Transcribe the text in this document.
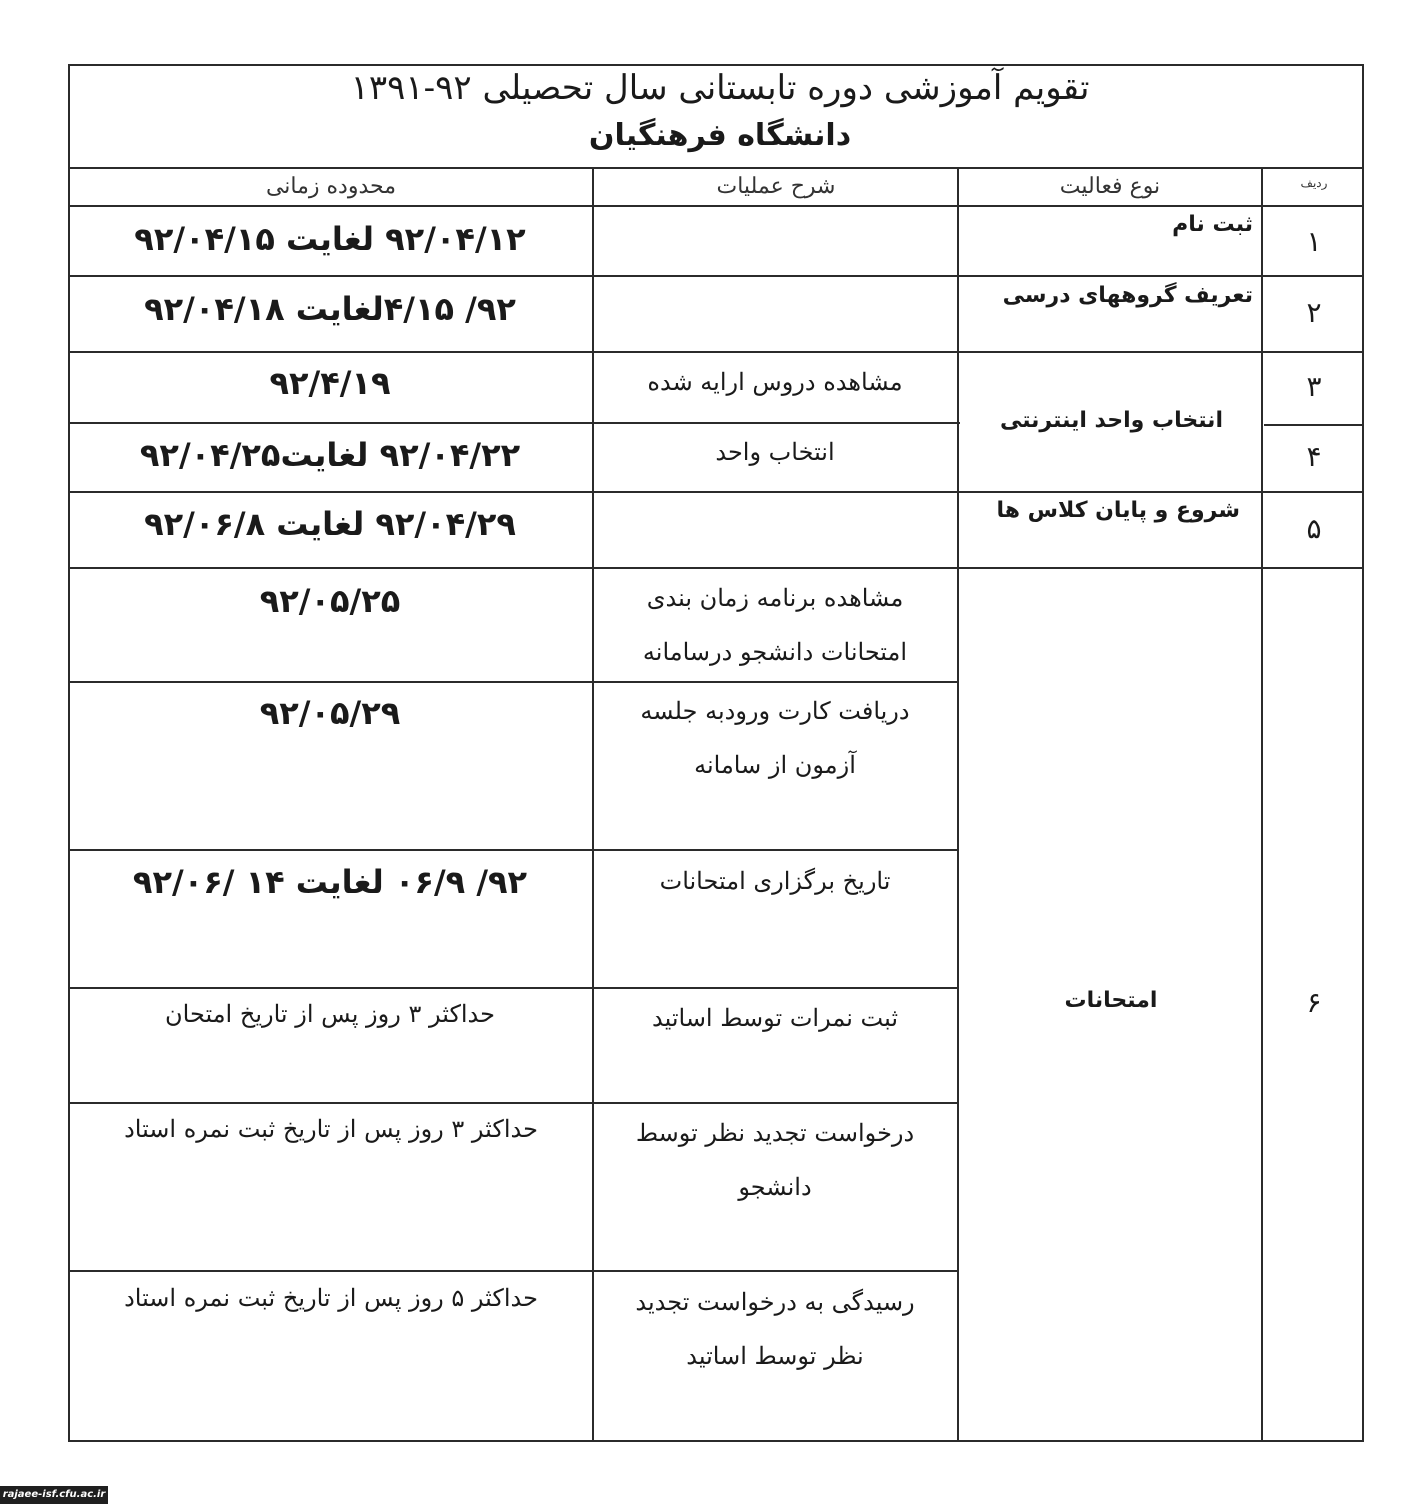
تقویم آموزشی دوره تابستانی سال تحصیلی ۹۲-۱۳۹۱
دانشگاه فرهنگیان
ردیف
نوع فعالیت
شرح عملیات
محدوده زمانی
۱
۲
۳
۴
۵
۶
ثبت نام
تعریف گروههای درسی
انتخاب واحد اینترنتی
شروع و پایان کلاس ها
امتحانات
مشاهده دروس ارایه شده
انتخاب واحد
مشاهده برنامه زمان بندی
امتحانات دانشجو درسامانه
دریافت کارت ورودبه جلسه
آزمون از سامانه
تاریخ برگزاری امتحانات
ثبت نمرات توسط اساتید
درخواست تجدید نظر توسط
دانشجو
رسیدگی به درخواست تجدید
نظر توسط اساتید
۹۲/۰۴/۱۲ لغایت ۹۲/۰۴/۱۵
۹۲/ ۴/۱۵لغایت ۹۲/۰۴/۱۸
۹۲/۴/۱۹
۹۲/۰۴/۲۲ لغایت۹۲/۰۴/۲۵
۹۲/۰۴/۲۹ لغایت ۹۲/۰۶/۸
۹۲/۰۵/۲۵
۹۲/۰۵/۲۹
۹۲/ ۰۶/۹ لغایت ۱۴ /۹۲/۰۶
حداکثر ۳ روز پس از تاریخ امتحان
حداکثر ۳ روز پس از تاریخ ثبت نمره استاد
حداکثر ۵ روز پس از تاریخ ثبت نمره استاد
rajaee-isf.cfu.ac.ir
